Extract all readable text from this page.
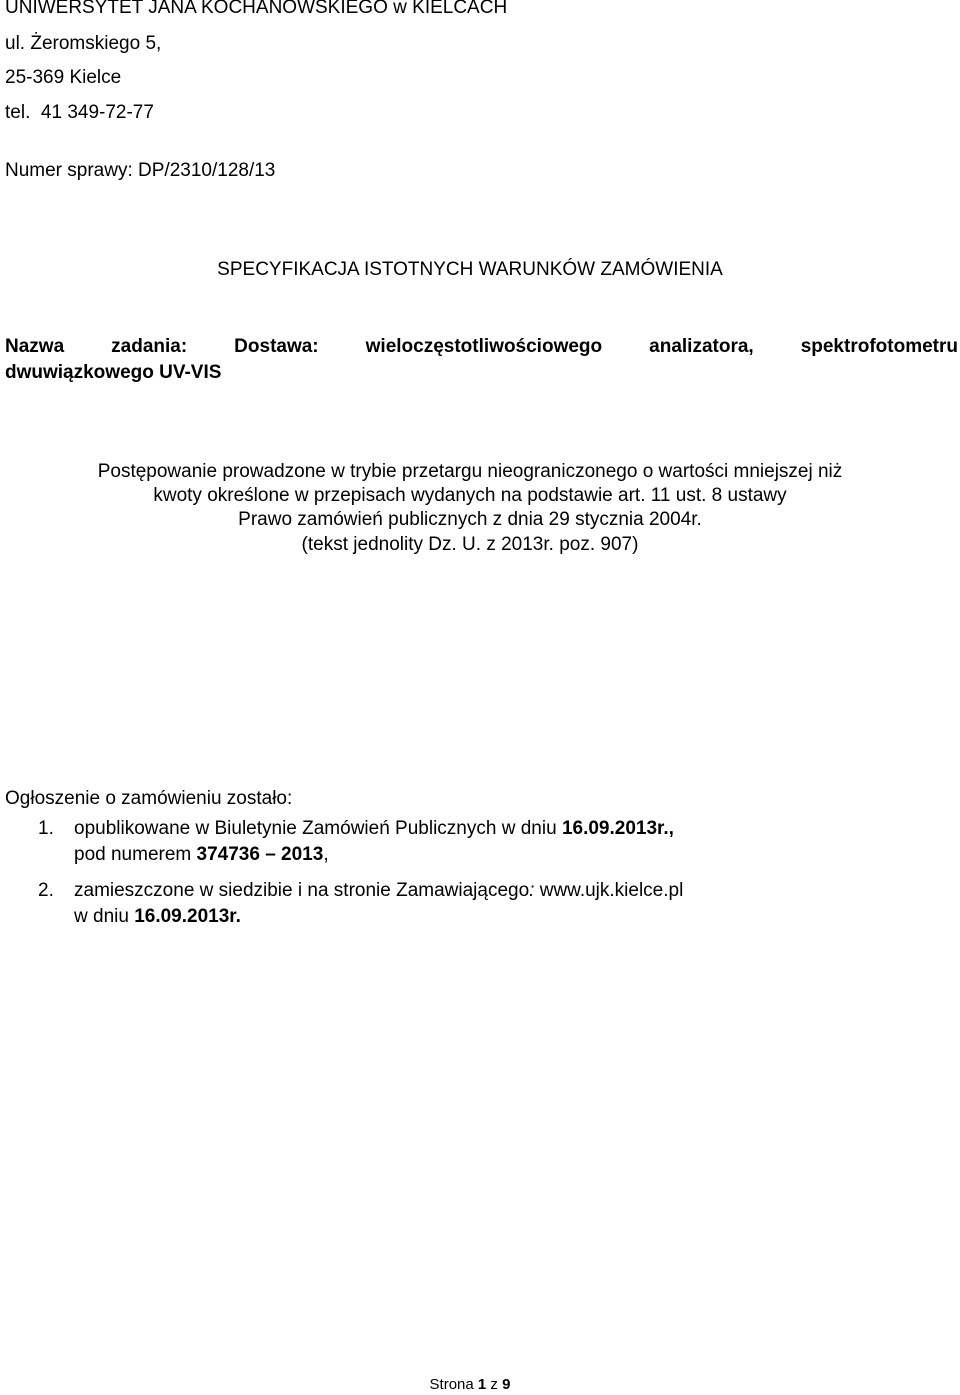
UNIWERSYTET JANA KOCHANOWSKIEGO w KIELCACH
ul. Żeromskiego 5,
25-369 Kielce
tel.  41 349-72-77
Numer sprawy: DP/2310/128/13
SPECYFIKACJA ISTOTNYCH WARUNKÓW ZAMÓWIENIA
Nazwa zadania: Dostawa: wieloczęstotliwościowego analizatora, spektrofotometru
dwuwiązkowego UV-VIS
Postępowanie prowadzone w trybie przetargu nieograniczonego o wartości mniejszej niż
kwoty określone w przepisach wydanych na podstawie art. 11 ust. 8 ustawy
Prawo zamówień publicznych z dnia 29 stycznia 2004r.
(tekst jednolity Dz. U. z 2013r. poz. 907)
Ogłoszenie o zamówieniu zostało:
1. opublikowane w Biuletynie Zamówień Publicznych w dniu 16.09.2013r.,
pod numerem 374736 – 2013,
2. zamieszczone w siedzibie i na stronie Zamawiającego: www.ujk.kielce.pl
w dniu 16.09.2013r.
Strona 1 z 9
